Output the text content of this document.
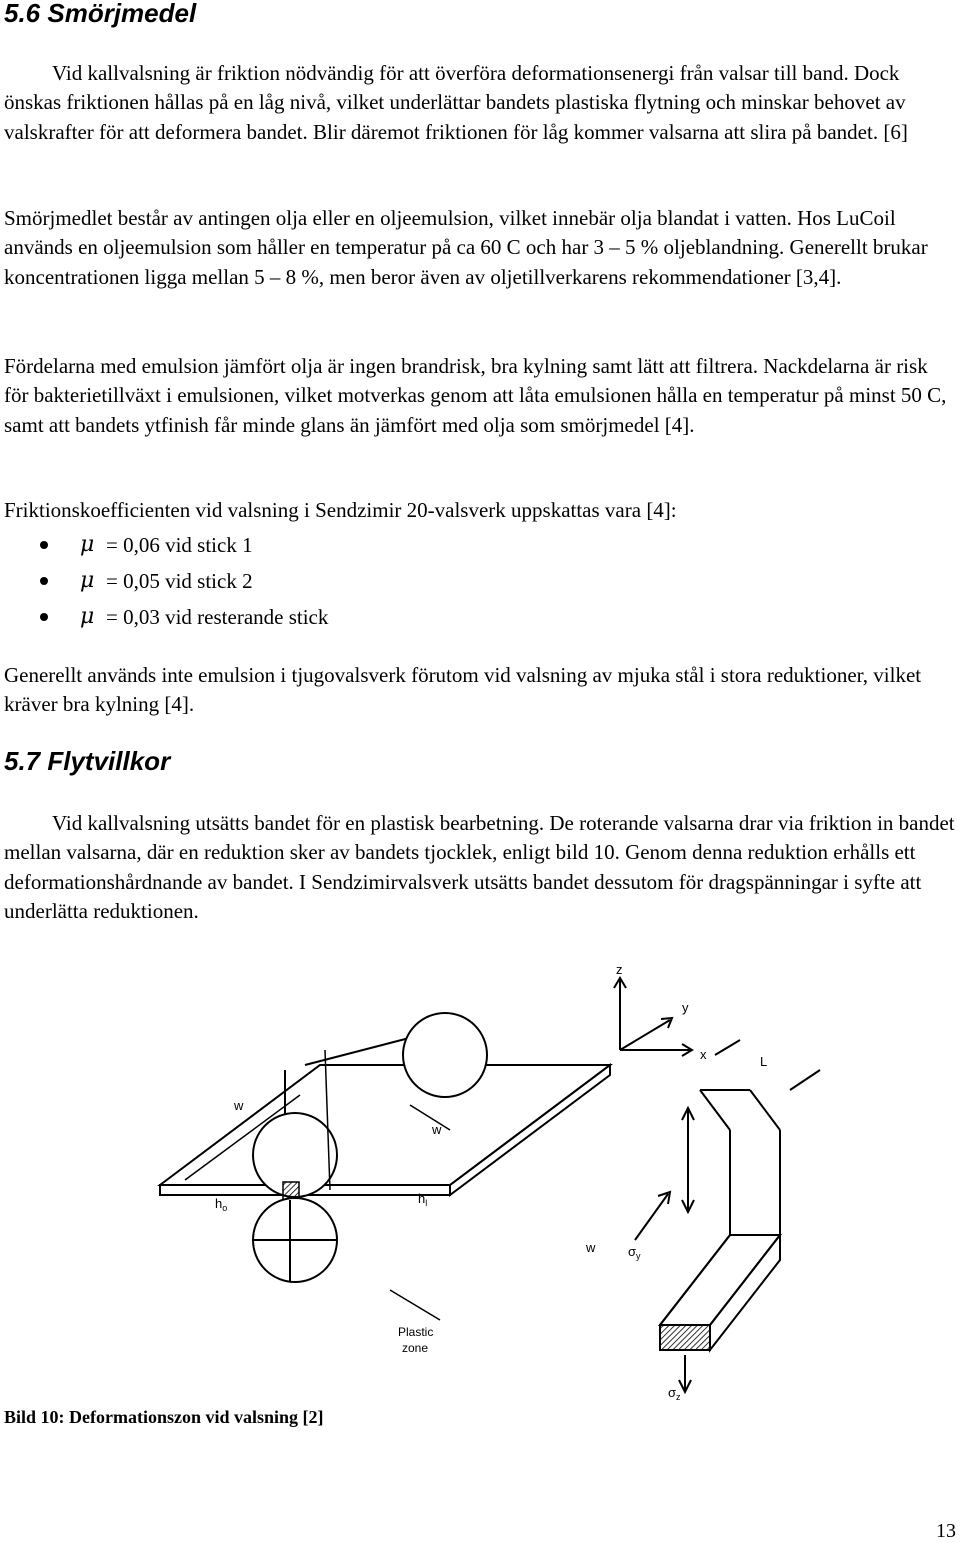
5.6 Smörjmedel

Vid kallvalsning är friktion nödvändig för att överföra deformationsenergi från valsar till band. Dock önskas friktionen hållas på en låg nivå, vilket underlättar bandets plastiska flytning och minskar behovet av valskrafter för att deformera bandet. Blir däremot friktionen för låg kommer valsarna att slira på bandet. [6]

Smörjmedlet består av antingen olja eller en oljeemulsion, vilket innebär olja blandat i vatten. Hos LuCoil används en oljeemulsion som håller en temperatur på ca 60 C och har 3 – 5 % oljeblandning. Generellt brukar koncentrationen ligga mellan 5 – 8 %, men beror även av oljetillverkarens rekommendationer [3,4].

Fördelarna med emulsion jämfört olja är ingen brandrisk, bra kylning samt lätt att filtrera. Nackdelarna är risk för bakterietillväxt i emulsionen, vilket motverkas genom att låta emulsionen hålla en temperatur på minst 50 C, samt att bandets ytfinish får minde glans än jämfört med olja som smörjmedel [4].

Friktionskoefficienten vid valsning i Sendzimir 20-valsverk uppskattas vara [4]:

μ = 0,06 vid stick 1
μ = 0,05 vid stick 2
μ = 0,03 vid resterande stick

Generellt används inte emulsion i tjugovalsverk förutom vid valsning av mjuka stål i stora reduktioner, vilket kräver bra kylning [4].

5.7 Flytvillkor

Vid kallvalsning utsätts bandet för en plastisk bearbetning. De roterande valsarna drar via friktion in bandet mellan valsarna, där en reduktion sker av bandets tjocklek, enligt bild 10. Genom denna reduktion erhålls ett deformationshårdnande av bandet. I Sendzimirvalsverk utsätts bandet dessutom för dragspänningar i syfte att underlätta reduktionen.

z
y
x
w
w
$h_o$
$h_l$
Plastic
zone
w
L
$\sigma_y$
$\sigma_z$
Bild 10: Deformationszon vid valsning [2]
13
